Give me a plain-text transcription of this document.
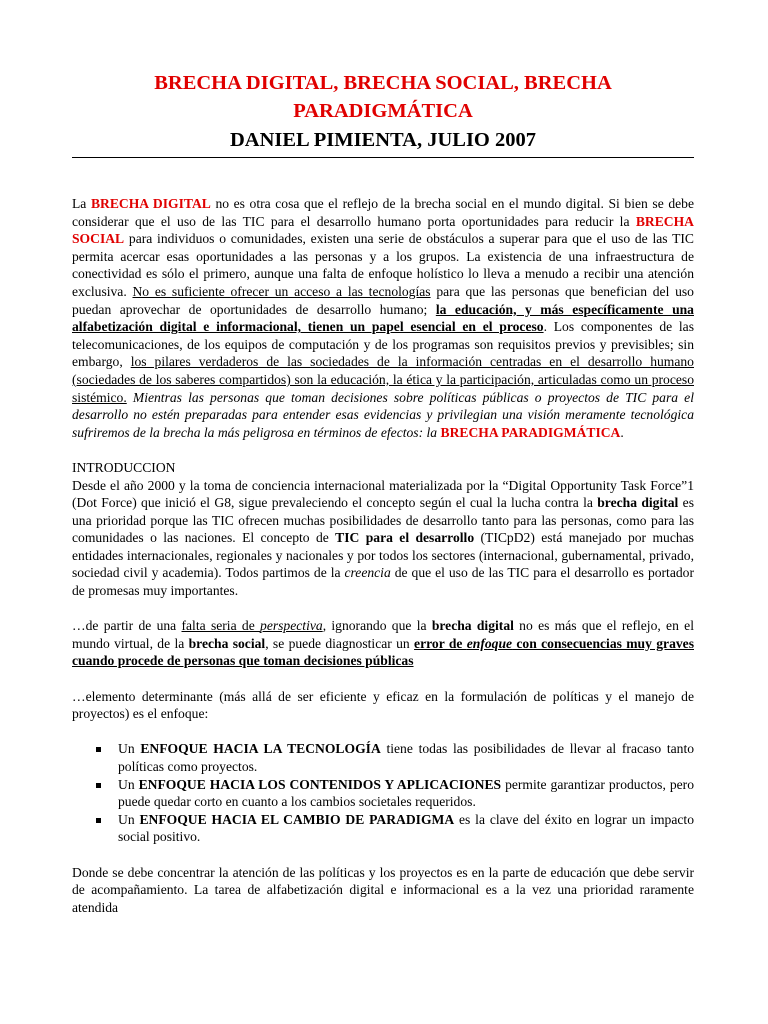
BRECHA DIGITAL, BRECHA SOCIAL, BRECHA
PARADIGMÁTICA
DANIEL PIMIENTA, JULIO 2007

La BRECHA DIGITAL no es otra cosa que el reflejo de la brecha social en el mundo digital. Si bien se debe considerar que el uso de las TIC para el desarrollo humano porta oportunidades para reducir la BRECHA SOCIAL para individuos o comunidades, existen una serie de obstáculos a superar para que el uso de las TIC permita acercar esas oportunidades a las personas y a los grupos. La existencia de una infraestructura de conectividad es sólo el primero, aunque una falta de enfoque holístico lo lleva a menudo a recibir una atención exclusiva. No es suficiente ofrecer un acceso a las tecnologías para que las personas que benefician del uso puedan aprovechar de oportunidades de desarrollo humano; la educación, y más específicamente una alfabetización digital e informacional, tienen un papel esencial en el proceso. Los componentes de las telecomunicaciones, de los equipos de computación y de los programas son requisitos previos y previsibles; sin embargo, los pilares verdaderos de las sociedades de la información centradas en el desarrollo humano (sociedades de los saberes compartidos) son la educación, la ética y la participación, articuladas como un proceso sistémico. Mientras las personas que toman decisiones sobre políticas públicas o proyectos de TIC para el desarrollo no estén preparadas para entender esas evidencias y privilegian una visión meramente tecnológica sufriremos de la brecha la más peligrosa en términos de efectos: la BRECHA PARADIGMÁTICA.

INTRODUCCION

Desde el año 2000 y la toma de conciencia internacional materializada por la “Digital Opportunity Task Force”1 (Dot Force) que inició el G8, sigue prevaleciendo el concepto según el cual la lucha contra la brecha digital es una prioridad porque las TIC ofrecen muchas posibilidades de desarrollo tanto para las personas, como para las comunidades o las naciones. El concepto de TIC para el desarrollo (TICpD2) está manejado por muchas entidades internacionales, regionales y nacionales y por todos los sectores (internacional, gubernamental, privado, sociedad civil y academia). Todos partimos de la creencia de que el uso de las TIC para el desarrollo es portador de promesas muy importantes.

…de partir de una falta seria de perspectiva, ignorando que la brecha digital no es más que el reflejo, en el mundo virtual, de la brecha social, se puede diagnosticar un error de enfoque con consecuencias muy graves cuando procede de personas que toman decisiones públicas

…elemento determinante (más allá de ser eficiente y eficaz en la formulación de políticas y el manejo de proyectos) es el enfoque:

Un ENFOQUE HACIA LA TECNOLOGÍA tiene todas las posibilidades de llevar al fracaso tanto políticas como proyectos.
Un ENFOQUE HACIA LOS CONTENIDOS Y APLICACIONES permite garantizar productos, pero puede quedar corto en cuanto a los cambios societales requeridos.
Un ENFOQUE HACIA EL CAMBIO DE PARADIGMA es la clave del éxito en lograr un impacto social positivo.

Donde se debe concentrar la atención de las políticas y los proyectos es en la parte de educación que debe servir de acompañamiento. La tarea de alfabetización digital e informacional es a la vez una prioridad raramente atendida
